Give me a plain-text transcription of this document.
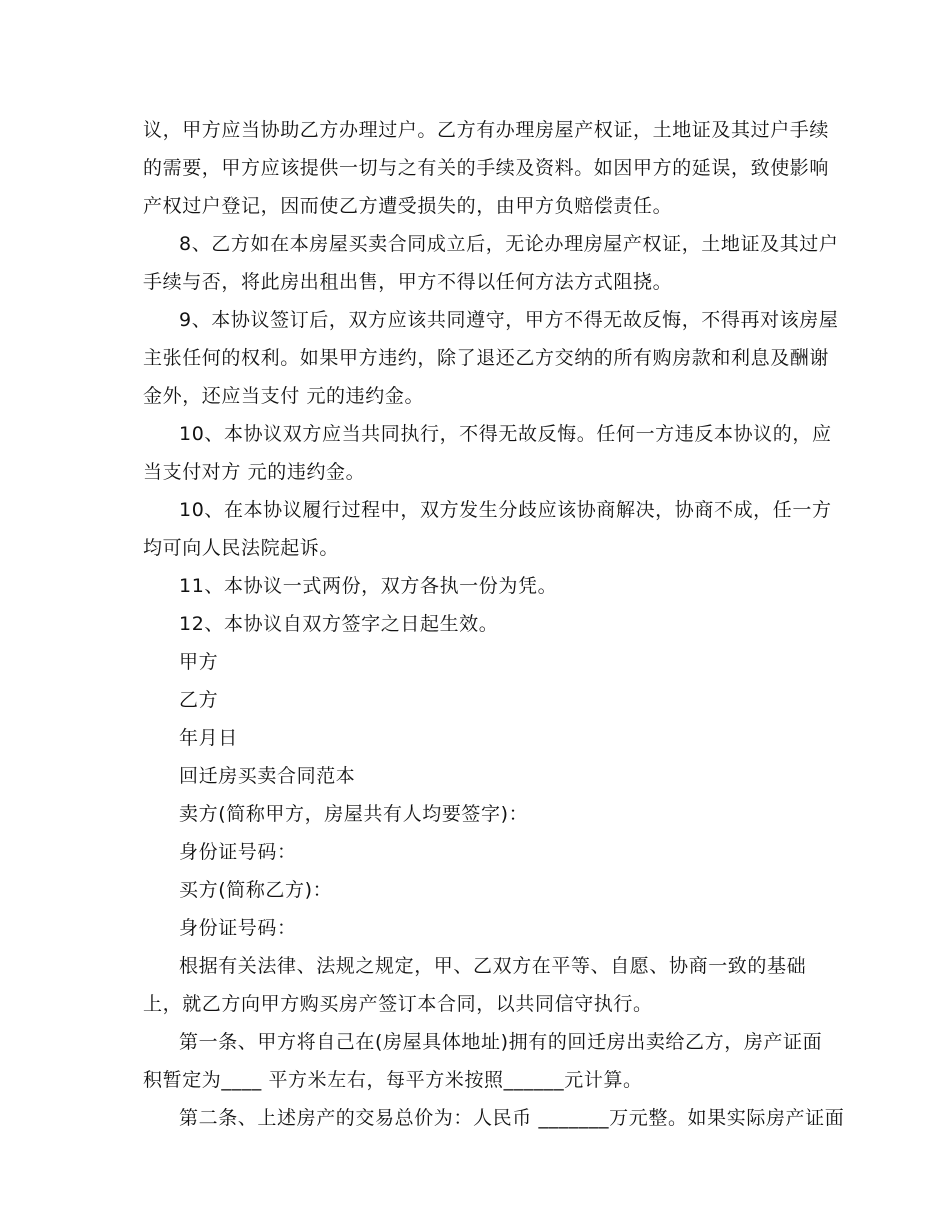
议，甲方应当协助乙方办理过户。乙方有办理房屋产权证，土地证及其过户手续
的需要，甲方应该提供一切与之有关的手续及资料。如因甲方的延误，致使影响
产权过户登记，因而使乙方遭受损失的，由甲方负赔偿责任。
8、乙方如在本房屋买卖合同成立后，无论办理房屋产权证，土地证及其过户
手续与否，将此房出租出售，甲方不得以任何方法方式阻挠。
9、本协议签订后，双方应该共同遵守，甲方不得无故反悔，不得再对该房屋
主张任何的权利。如果甲方违约，除了退还乙方交纳的所有购房款和利息及酬谢
金外，还应当支付 元的违约金。
10、本协议双方应当共同执行，不得无故反悔。任何一方违反本协议的，应
当支付对方 元的违约金。
10、在本协议履行过程中，双方发生分歧应该协商解决，协商不成，任一方
均可向人民法院起诉。
11、本协议一式两份，双方各执一份为凭。
12、本协议自双方签字之日起生效。
甲方
乙方
年月日
回迁房买卖合同范本
卖方(简称甲方，房屋共有人均要签字)：
身份证号码：
买方(简称乙方)：
身份证号码：
根据有关法律、法规之规定，甲、乙双方在平等、自愿、协商一致的基础
上，就乙方向甲方购买房产签订本合同，以共同信守执行。
第一条、甲方将自己在(房屋具体地址)拥有的回迁房出卖给乙方，房产证面
积暂定为____ 平方米左右，每平方米按照______元计算。
第二条、上述房产的交易总价为：人民币 _______万元整。如果实际房产证面
